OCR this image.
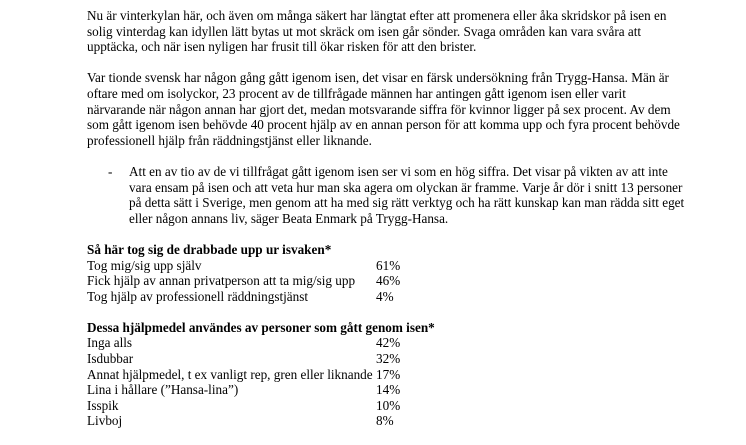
Nu är vinterkylan här, och även om många säkert har längtat efter att promenera eller åka skridskor på isen en solig vinterdag kan idyllen lätt bytas ut mot skräck om isen går sönder. Svaga områden kan vara svåra att upptäcka, och när isen nyligen har frusit till ökar risken för att den brister.

Var tionde svensk har någon gång gått igenom isen, det visar en färsk undersökning från Trygg-Hansa. Män är oftare med om isolyckor, 23 procent av de tillfrågade männen har antingen gått igenom isen eller varit närvarande när någon annan har gjort det, medan motsvarande siffra för kvinnor ligger på sex procent. Av dem som gått igenom isen behövde 40 procent hjälp av en annan person för att komma upp och fyra procent behövde professionell hjälp från räddningstjänst eller liknande.

- Att en av tio av de vi tillfrågat gått igenom isen ser vi som en hög siffra. Det visar på vikten av att inte vara ensam på isen och att veta hur man ska agera om olyckan är framme. Varje år dör i snitt 13 personer på detta sätt i Sverige, men genom att ha med sig rätt verktyg och ha rätt kunskap kan man rädda sitt eget eller någon annans liv, säger Beata Enmark på Trygg-Hansa.

Så här tog sig de drabbade upp ur isvaken*

Tog mig/sig upp själv	61%
Fick hjälp av annan privatperson att ta mig/sig upp	46%
Tog hjälp av professionell räddningstjänst	4%

Dessa hjälpmedel användes av personer som gått genom isen*

Inga alls	42%
Isdubbar	32%
Annat hjälpmedel, t ex vanligt rep, gren eller liknande 17%
Lina i hållare (”Hansa-lina”)	14%
Isspik	10%
Livboj	8%
